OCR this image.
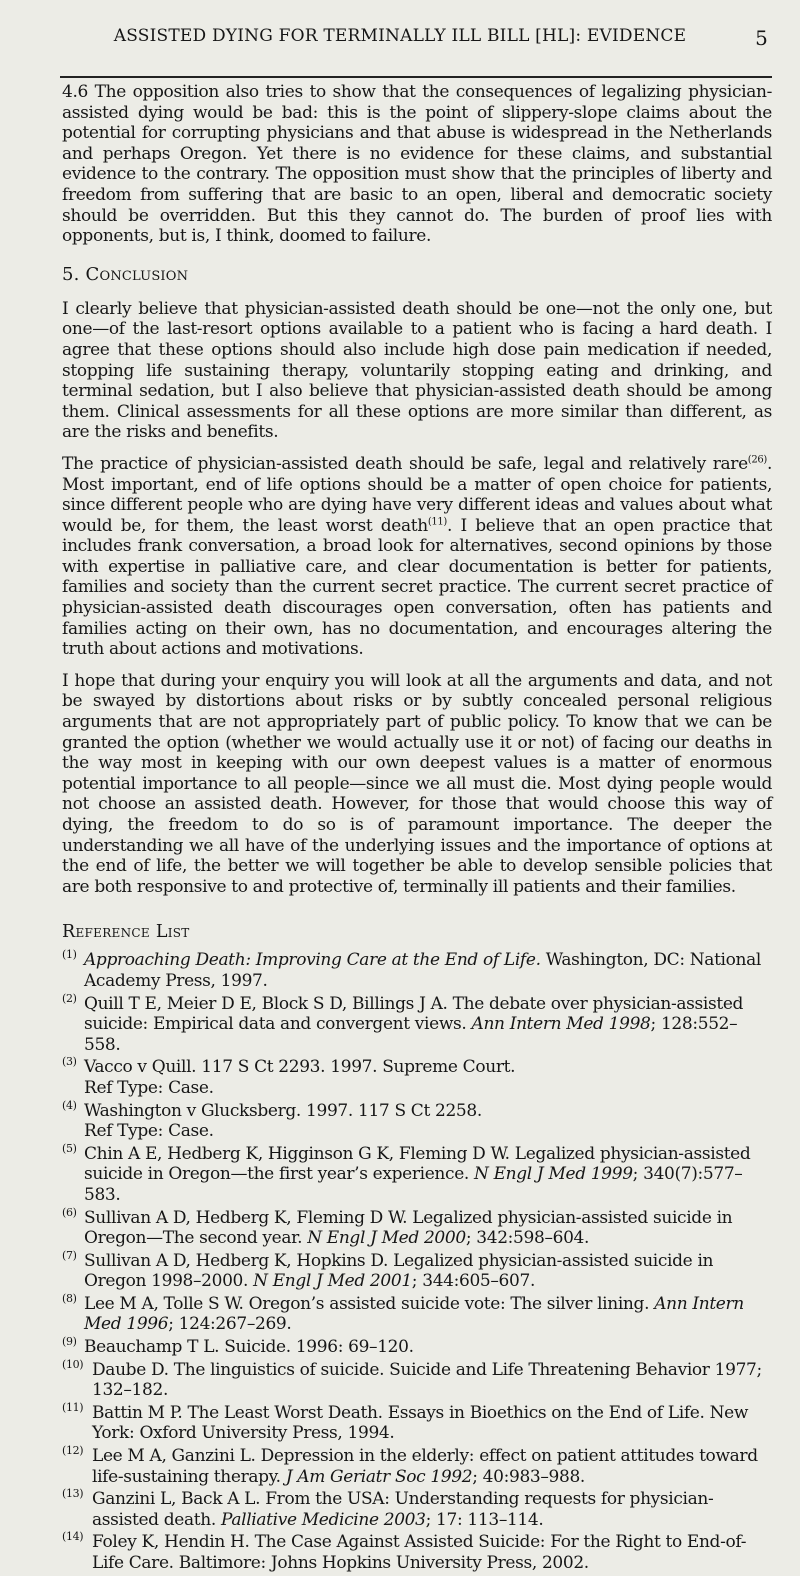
ASSISTED DYING FOR TERMINALLY ILL BILL [HL]: EVIDENCE	5

4.6 The opposition also tries to show that the consequences of legalizing physician-assisted dying would be bad: this is the point of slippery-slope claims about the potential for corrupting physicians and that abuse is widespread in the Netherlands and perhaps Oregon. Yet there is no evidence for these claims, and substantial evidence to the contrary. The opposition must show that the principles of liberty and freedom from suffering that are basic to an open, liberal and democratic society should be overridden. But this they cannot do. The burden of proof lies with opponents, but is, I think, doomed to failure.

5. Conclusion

I clearly believe that physician-assisted death should be one—not the only one, but one—of the last-resort options available to a patient who is facing a hard death. I agree that these options should also include high dose pain medication if needed, stopping life sustaining therapy, voluntarily stopping eating and drinking, and terminal sedation, but I also believe that physician-assisted death should be among them. Clinical assessments for all these options are more similar than different, as are the risks and benefits.

The practice of physician-assisted death should be safe, legal and relatively rare$^{(26)}$. Most important, end of life options should be a matter of open choice for patients, since different people who are dying have very different ideas and values about what would be, for them, the least worst death$^{(11)}$. I believe that an open practice that includes frank conversation, a broad look for alternatives, second opinions by those with expertise in palliative care, and clear documentation is better for patients, families and society than the current secret practice. The current secret practice of physician-assisted death discourages open conversation, often has patients and families acting on their own, has no documentation, and encourages altering the truth about actions and motivations.

I hope that during your enquiry you will look at all the arguments and data, and not be swayed by distortions about risks or by subtly concealed personal religious arguments that are not appropriately part of public policy. To know that we can be granted the option (whether we would actually use it or not) of facing our deaths in the way most in keeping with our own deepest values is a matter of enormous potential importance to all people—since we all must die. Most dying people would not choose an assisted death. However, for those that would choose this way of dying, the freedom to do so is of paramount importance. The deeper the understanding we all have of the underlying issues and the importance of options at the end of life, the better we will together be able to develop sensible policies that are both responsive to and protective of, terminally ill patients and their families.

Reference List
(1) Approaching Death: Improving Care at the End of Life. Washington, DC: National Academy Press, 1997.
(2) Quill T E, Meier D E, Block S D, Billings J A. The debate over physician-assisted suicide: Empirical data and convergent views. Ann Intern Med 1998; 128:552–558.
(3) Vacco v Quill. 117 S Ct 2293. 1997. Supreme Court.
Ref Type: Case.
(4) Washington v Glucksberg. 1997. 117 S Ct 2258.
Ref Type: Case.
(5) Chin A E, Hedberg K, Higginson G K, Fleming D W. Legalized physician-assisted suicide in Oregon—the first year’s experience. N Engl J Med 1999; 340(7):577–583.
(6) Sullivan A D, Hedberg K, Fleming D W. Legalized physician-assisted suicide in Oregon—The second year. N Engl J Med 2000; 342:598–604.
(7) Sullivan A D, Hedberg K, Hopkins D. Legalized physician-assisted suicide in Oregon 1998–2000. N Engl J Med 2001; 344:605–607.
(8) Lee M A, Tolle S W. Oregon’s assisted suicide vote: The silver lining. Ann Intern Med 1996; 124:267–269.
(9) Beauchamp T L. Suicide. 1996: 69–120.
(10) Daube D. The linguistics of suicide. Suicide and Life Threatening Behavior 1977; 132–182.
(11) Battin M P. The Least Worst Death. Essays in Bioethics on the End of Life. New York: Oxford University Press, 1994.
(12) Lee M A, Ganzini L. Depression in the elderly: effect on patient attitudes toward life-sustaining therapy. J Am Geriatr Soc 1992; 40:983–988.
(13) Ganzini L, Back A L. From the USA: Understanding requests for physician-assisted death. Palliative Medicine 2003; 17: 113–114.
(14) Foley K, Hendin H. The Case Against Assisted Suicide: For the Right to End-of-Life Care. Baltimore: Johns Hopkins University Press, 2002.
